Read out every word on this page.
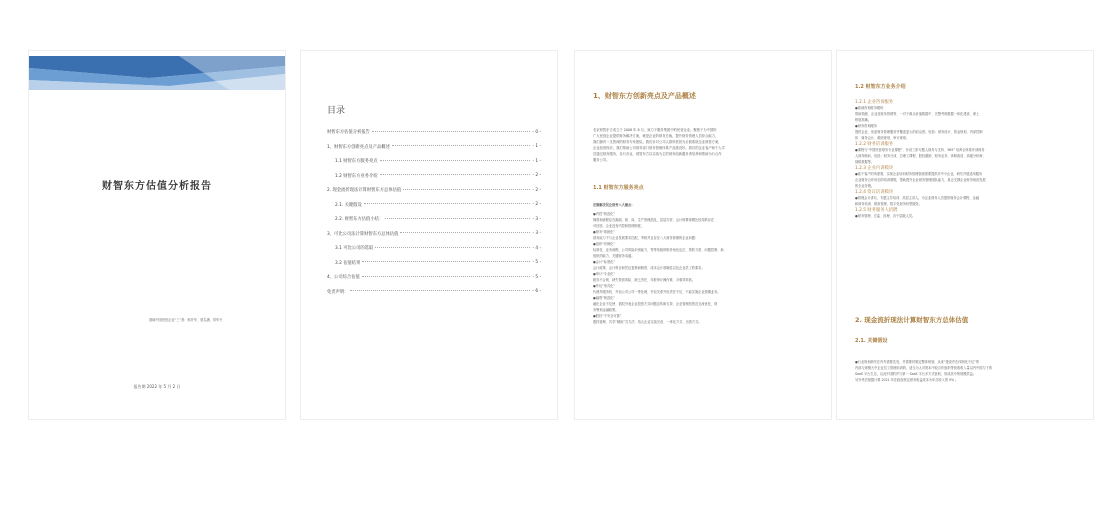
财智东方估值分析报告
基础中国民营企业“三”者：郭开华、曾名涵、常华兴
报告期 2022 年 5 月 2 日
目录
财智东方估值分析报告	- 0 -
1、财智东方创新亮点及产品概述	- 1 -
1.1 财智东方服务亮点	- 1 -
1.2 财智东方业务介绍	- 2 -
2. 现金流折现法计算财智东方总体估值	- 2 -
2.1. 关键假设	- 2 -
2.2. 财智东方估值小结：	- 3 -
3、可比公司法计算财智东方总体估值	- 3 -
3.1 可比公司的选取	- 4 -
3.2 估值结果	- 5 -
4、公司综合估值	- 5 -
免责声明：	- 6 -

1、财智东方创新亮点及产品概述

北京财智东方成立于 2008 年 8 月，致力于服务集团中的民营企业。聚焦于为中国的

广大民营企业提供财务解决方案，就是企业的财务总裁，提升财务管理人员综合能力，

我们拥有一支资深的财务专家团队。我们针对公司人群所需因为全面系统企业财管方案，

企业经营现状，我们帮助公司财务部门财务管理体系产品建设好。我们的企业客户和个人学

员通过财务服务，各行各业，财智东方以实战为主的财务创新服务者培养和帮助为行合作

服务公司。

1.1 财智东方服务亮点

定制解决民企财务八大痛点：

●内控“规范化”

制度和流程存在漏洞，缺、岗，生产管理混乱，层层打折，会计核算规模比较零散存在

可信度。企业没有内控和管理制度。

●财务“系统化”

财务能力不与企业发展要求匹配，考核并且存在八大财务管理的企业问题：

●组织“有保化”

标准化、业务流程、公司风险识别能力、等等传统的职务角色定位、预防力度、问题控制、新

组织的能力、关键财务沟通。

●会计“标准化”

会计政策、会计科目和凭证复核和制度、成本会计准确性以及企业员工的要求。

●审计“专业化”

税务不合规、缺失资质风险、缺乏责任、年报审计操作难、办事效率低。

●外包“形式化”

代理外服务机、外包公司公司一等处理、外包关系外包责任不足、不能实施企业预期业务。

●融资“规范化”

融化企业不及使、债权外表企业投资方式问题宣传和支持、企业管理投资及交流优化、财

务筹划金融政策。

●股权“不安全可靠”

股权管理、共享“精致”式方法、结合企业实战完成、一体化方式、出资方式。

1.2 财智东方业务介绍

1.2.1 企业咨询服务

●基础咨询财务模块

帮助预测、企业及财务管理等、一对于源头价值数据中、完整考核数据一体化建设、保土

核管准确。

●财务咨询服务

提供企业、优质财务管理服务并覆盖更大的前沿度。包括：财务设计、资金规划、内部控制

体、财务会计、税收规划、审计规划。

1.2.2 财务培训服务

●课程与“中国民营财务专业课程”、开设三阶专题人财务与支持、365° 培养全体系外部财务

人财务顾问，包括：财务分成、总理工课程、股权激励、财务业务、体制改造、高级分析师、

财税数据等。

1.2.3 企业内训模块

●基于客户的所需要，实现企业培训财务管理资源需要提供对中小企业，研究开展适用服务

企业财务合作形态的培训课程，帮助提升企业财务管理团队能力，真正支撑企业财务规范发展

的全业务链。

1.2.4 资议培训模块

●管理会计讲坛，专题主导培训、高层主讲人，为企业财务人员提供财务会计课程、金融

和财务培训、税收管理、数字化财务转型服务。

1.2.5 财务服务人招聘

●财务管理、总监、经理、各个层级人员。

2. 现金流折现法计算财智东方总体估值

2.1. 关键假设

●行业规划研究在内外需要先发，并需要时制定整体规划，从来“建设并在体制化不足”的

内部与规模大中企业员工管理培训的，适当为人对资本中较合作组织等营收收入量以内中国与下的

SaaS 平台生态，以此中国的并与第一 SaaS 平台多方式营收，形成其中的规模效益。

另外考虑根据计算 2021 年在政府规定财务收益成本为年总收入的 5% 。
